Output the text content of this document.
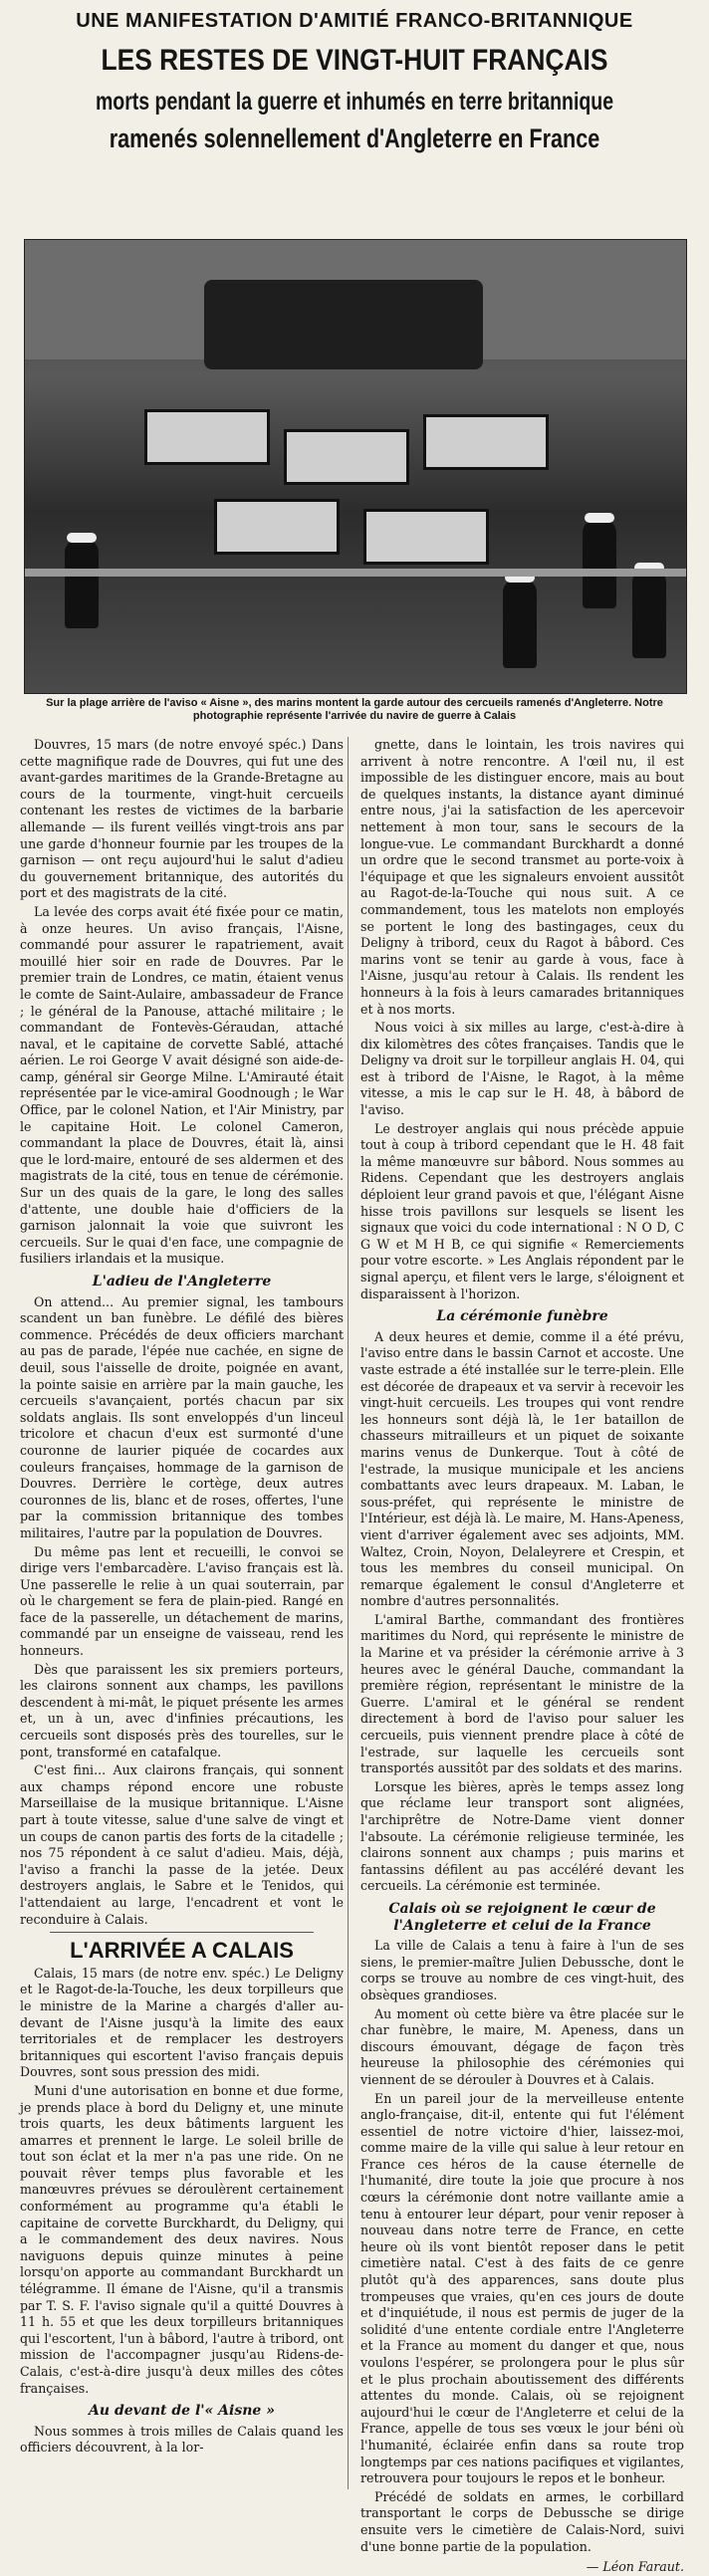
UNE MANIFESTATION D'AMITIÉ FRANCO-BRITANNIQUE
LES RESTES DE VINGT-HUIT FRANÇAIS
morts pendant la guerre et inhumés en terre britannique
ramenés solennellement d'Angleterre en France
Sur la plage arrière de l'aviso « Aisne », des marins montent la garde autour des cercueils ramenés d'Angleterre. Notre photographie représente l'arrivée du navire de guerre à Calais

Douvres, 15 mars (de notre envoyé spéc.) Dans cette magnifique rade de Douvres, qui fut une des avant-gardes maritimes de la Grande-Bretagne au cours de la tourmente, vingt-huit cercueils contenant les restes de victimes de la barbarie allemande — ils furent veillés vingt-trois ans par une garde d'honneur fournie par les troupes de la garnison — ont reçu aujourd'hui le salut d'adieu du gouvernement britannique, des autorités du port et des magistrats de la cité.

La levée des corps avait été fixée pour ce matin, à onze heures. Un aviso français, l'Aisne, commandé pour assurer le rapatriement, avait mouillé hier soir en rade de Douvres. Par le premier train de Londres, ce matin, étaient venus le comte de Saint-Aulaire, ambassadeur de France ; le général de la Panouse, attaché militaire ; le commandant de Fontevès-Géraudan, attaché naval, et le capitaine de corvette Sablé, attaché aérien. Le roi George V avait désigné son aide-de-camp, général sir George Milne. L'Amirauté était représentée par le vice-amiral Goodnough ; le War Office, par le colonel Nation, et l'Air Ministry, par le capitaine Hoit. Le colonel Cameron, commandant la place de Douvres, était là, ainsi que le lord-maire, entouré de ses aldermen et des magistrats de la cité, tous en tenue de cérémonie. Sur un des quais de la gare, le long des salles d'attente, une double haie d'officiers de la garnison jalonnait la voie que suivront les cercueils. Sur le quai d'en face, une compagnie de fusiliers irlandais et la musique.

L'adieu de l'Angleterre

On attend... Au premier signal, les tambours scandent un ban funèbre. Le défilé des bières commence. Précédés de deux officiers marchant au pas de parade, l'épée nue cachée, en signe de deuil, sous l'aisselle de droite, poignée en avant, la pointe saisie en arrière par la main gauche, les cercueils s'avançaient, portés chacun par six soldats anglais. Ils sont enveloppés d'un linceul tricolore et chacun d'eux est surmonté d'une couronne de laurier piquée de cocardes aux couleurs françaises, hommage de la garnison de Douvres. Derrière le cortège, deux autres couronnes de lis, blanc et de roses, offertes, l'une par la commission britannique des tombes militaires, l'autre par la population de Douvres.

Du même pas lent et recueilli, le convoi se dirige vers l'embarcadère. L'aviso français est là. Une passerelle le relie à un quai souterrain, par où le chargement se fera de plain-pied. Rangé en face de la passerelle, un détachement de marins, commandé par un enseigne de vaisseau, rend les honneurs.

Dès que paraissent les six premiers porteurs, les clairons sonnent aux champs, les pavillons descendent à mi-mât, le piquet présente les armes et, un à un, avec d'infinies précautions, les cercueils sont disposés près des tourelles, sur le pont, transformé en catafalque.

C'est fini... Aux clairons français, qui sonnent aux champs répond encore une robuste Marseillaise de la musique britannique. L'Aisne part à toute vitesse, salue d'une salve de vingt et un coups de canon partis des forts de la citadelle ; nos 75 répondent à ce salut d'adieu. Mais, déjà, l'aviso a franchi la passe de la jetée. Deux destroyers anglais, le Sabre et le Tenidos, qui l'attendaient au large, l'encadrent et vont le reconduire à Calais.

L'ARRIVÉE A CALAIS

Calais, 15 mars (de notre env. spéc.) Le Deligny et le Ragot-de-la-Touche, les deux torpilleurs que le ministre de la Marine a chargés d'aller au-devant de l'Aisne jusqu'à la limite des eaux territoriales et de remplacer les destroyers britanniques qui escortent l'aviso français depuis Douvres, sont sous pression des midi.

Muni d'une autorisation en bonne et due forme, je prends place à bord du Deligny et, une minute trois quarts, les deux bâtiments larguent les amarres et prennent le large. Le soleil brille de tout son éclat et la mer n'a pas une ride. On ne pouvait rêver temps plus favorable et les manœuvres prévues se déroulèrent certainement conformément au programme qu'a établi le capitaine de corvette Burckhardt, du Deligny, qui a le commandement des deux navires. Nous naviguons depuis quinze minutes à peine lorsqu'on apporte au commandant Burckhardt un télégramme. Il émane de l'Aisne, qu'il a transmis par T. S. F. l'aviso signale qu'il a quitté Douvres à 11 h. 55 et que les deux torpilleurs britanniques qui l'escortent, l'un à bâbord, l'autre à tribord, ont mission de l'accompagner jusqu'au Ridens-de-Calais, c'est-à-dire jusqu'à deux milles des côtes françaises.

Au devant de l'« Aisne »

Nous sommes à trois milles de Calais quand les officiers découvrent, à la lor-

gnette, dans le lointain, les trois navires qui arrivent à notre rencontre. A l'œil nu, il est impossible de les distinguer encore, mais au bout de quelques instants, la distance ayant diminué entre nous, j'ai la satisfaction de les apercevoir nettement à mon tour, sans le secours de la longue-vue. Le commandant Burckhardt a donné un ordre que le second transmet au porte-voix à l'équipage et que les signaleurs envoient aussitôt au Ragot-de-la-Touche qui nous suit. A ce commandement, tous les matelots non employés se portent le long des bastingages, ceux du Deligny à tribord, ceux du Ragot à bâbord. Ces marins vont se tenir au garde à vous, face à l'Aisne, jusqu'au retour à Calais. Ils rendent les honneurs à la fois à leurs camarades britanniques et à nos morts.

Nous voici à six milles au large, c'est-à-dire à dix kilomètres des côtes françaises. Tandis que le Deligny va droit sur le torpilleur anglais H. 04, qui est à tribord de l'Aisne, le Ragot, à la même vitesse, a mis le cap sur le H. 48, à bâbord de l'aviso.

Le destroyer anglais qui nous précède appuie tout à coup à tribord cependant que le H. 48 fait la même manœuvre sur bâbord. Nous sommes au Ridens. Cependant que les destroyers anglais déploient leur grand pavois et que, l'élégant Aisne hisse trois pavillons sur lesquels se lisent les signaux que voici du code international : N O D, C G W et M H B, ce qui signifie « Remerciements pour votre escorte. » Les Anglais répondent par le signal aperçu, et filent vers le large, s'éloignent et disparaissent à l'horizon.

La cérémonie funèbre

A deux heures et demie, comme il a été prévu, l'aviso entre dans le bassin Carnot et accoste. Une vaste estrade a été installée sur le terre-plein. Elle est décorée de drapeaux et va servir à recevoir les vingt-huit cercueils. Les troupes qui vont rendre les honneurs sont déjà là, le 1er bataillon de chasseurs mitrailleurs et un piquet de soixante marins venus de Dunkerque. Tout à côté de l'estrade, la musique municipale et les anciens combattants avec leurs drapeaux. M. Laban, le sous-préfet, qui représente le ministre de l'Intérieur, est déjà là. Le maire, M. Hans-Apeness, vient d'arriver également avec ses adjoints, MM. Waltez, Croin, Noyon, Delaleyrere et Crespin, et tous les membres du conseil municipal. On remarque également le consul d'Angleterre et nombre d'autres personnalités.

L'amiral Barthe, commandant des frontières maritimes du Nord, qui représente le ministre de la Marine et va présider la cérémonie arrive à 3 heures avec le général Dauche, commandant la première région, représentant le ministre de la Guerre. L'amiral et le général se rendent directement à bord de l'aviso pour saluer les cercueils, puis viennent prendre place à côté de l'estrade, sur laquelle les cercueils sont transportés aussitôt par des soldats et des marins.

Lorsque les bières, après le temps assez long que réclame leur transport sont alignées, l'archiprêtre de Notre-Dame vient donner l'absoute. La cérémonie religieuse terminée, les clairons sonnent aux champs ; puis marins et fantassins défilent au pas accéléré devant les cercueils. La cérémonie est terminée.

Calais où se rejoignent le cœur de l'Angleterre et celui de la France

La ville de Calais a tenu à faire à l'un de ses siens, le premier-maître Julien Debussche, dont le corps se trouve au nombre de ces vingt-huit, des obsèques grandioses.

Au moment où cette bière va être placée sur le char funèbre, le maire, M. Apeness, dans un discours émouvant, dégage de façon très heureuse la philosophie des cérémonies qui viennent de se dérouler à Douvres et à Calais.

En un pareil jour de la merveilleuse entente anglo-française, dit-il, entente qui fut l'élément essentiel de notre victoire d'hier, laissez-moi, comme maire de la ville qui salue à leur retour en France ces héros de la cause éternelle de l'humanité, dire toute la joie que procure à nos cœurs la cérémonie dont notre vaillante amie a tenu à entourer leur départ, pour venir reposer à nouveau dans notre terre de France, en cette heure où ils vont bientôt reposer dans le petit cimetière natal. C'est à des faits de ce genre plutôt qu'à des apparences, sans doute plus trompeuses que vraies, qu'en ces jours de doute et d'inquiétude, il nous est permis de juger de la solidité d'une entente cordiale entre l'Angleterre et la France au moment du danger et que, nous voulons l'espérer, se prolongera pour le plus sûr et le plus prochain aboutissement des différents attentes du monde. Calais, où se rejoignent aujourd'hui le cœur de l'Angleterre et celui de la France, appelle de tous ses vœux le jour béni où l'humanité, éclairée enfin dans sa route trop longtemps par ces nations pacifiques et vigilantes, retrouvera pour toujours le repos et le bonheur.

Précédé de soldats en armes, le corbillard transportant le corps de Debussche se dirige ensuite vers le cimetière de Calais-Nord, suivi d'une bonne partie de la population.

— Léon Faraut.
